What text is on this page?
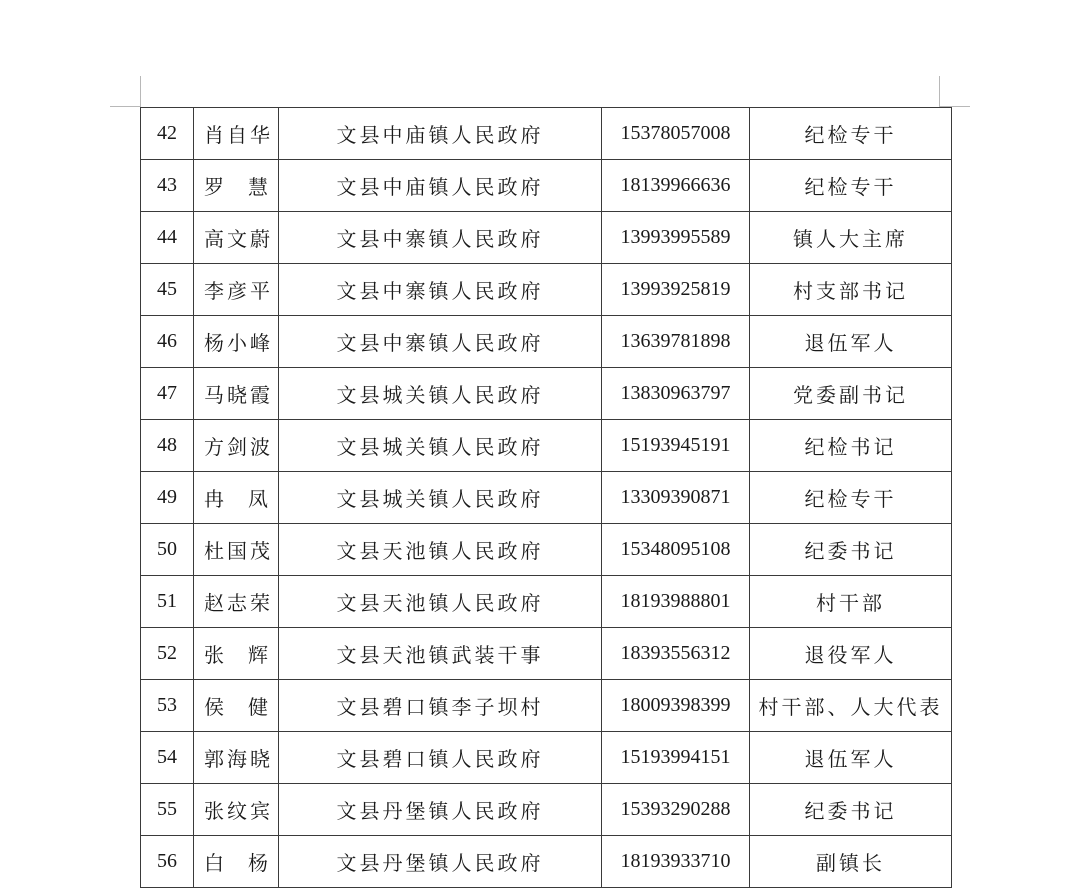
42	肖自华	文县中庙镇人民政府	15378057008	纪检专干
43	罗 慧	文县中庙镇人民政府	18139966636	纪检专干
44	高文蔚	文县中寨镇人民政府	13993995589	镇人大主席
45	李彦平	文县中寨镇人民政府	13993925819	村支部书记
46	杨小峰	文县中寨镇人民政府	13639781898	退伍军人
47	马晓霞	文县城关镇人民政府	13830963797	党委副书记
48	方剑波	文县城关镇人民政府	15193945191	纪检书记
49	冉 凤	文县城关镇人民政府	13309390871	纪检专干
50	杜国茂	文县天池镇人民政府	15348095108	纪委书记
51	赵志荣	文县天池镇人民政府	18193988801	村干部
52	张 辉	文县天池镇武装干事	18393556312	退役军人
53	侯 健	文县碧口镇李子坝村	18009398399	村干部、人大代表
54	郭海晓	文县碧口镇人民政府	15193994151	退伍军人
55	张纹宾	文县丹堡镇人民政府	15393290288	纪委书记
56	白 杨	文县丹堡镇人民政府	18193933710	副镇长
